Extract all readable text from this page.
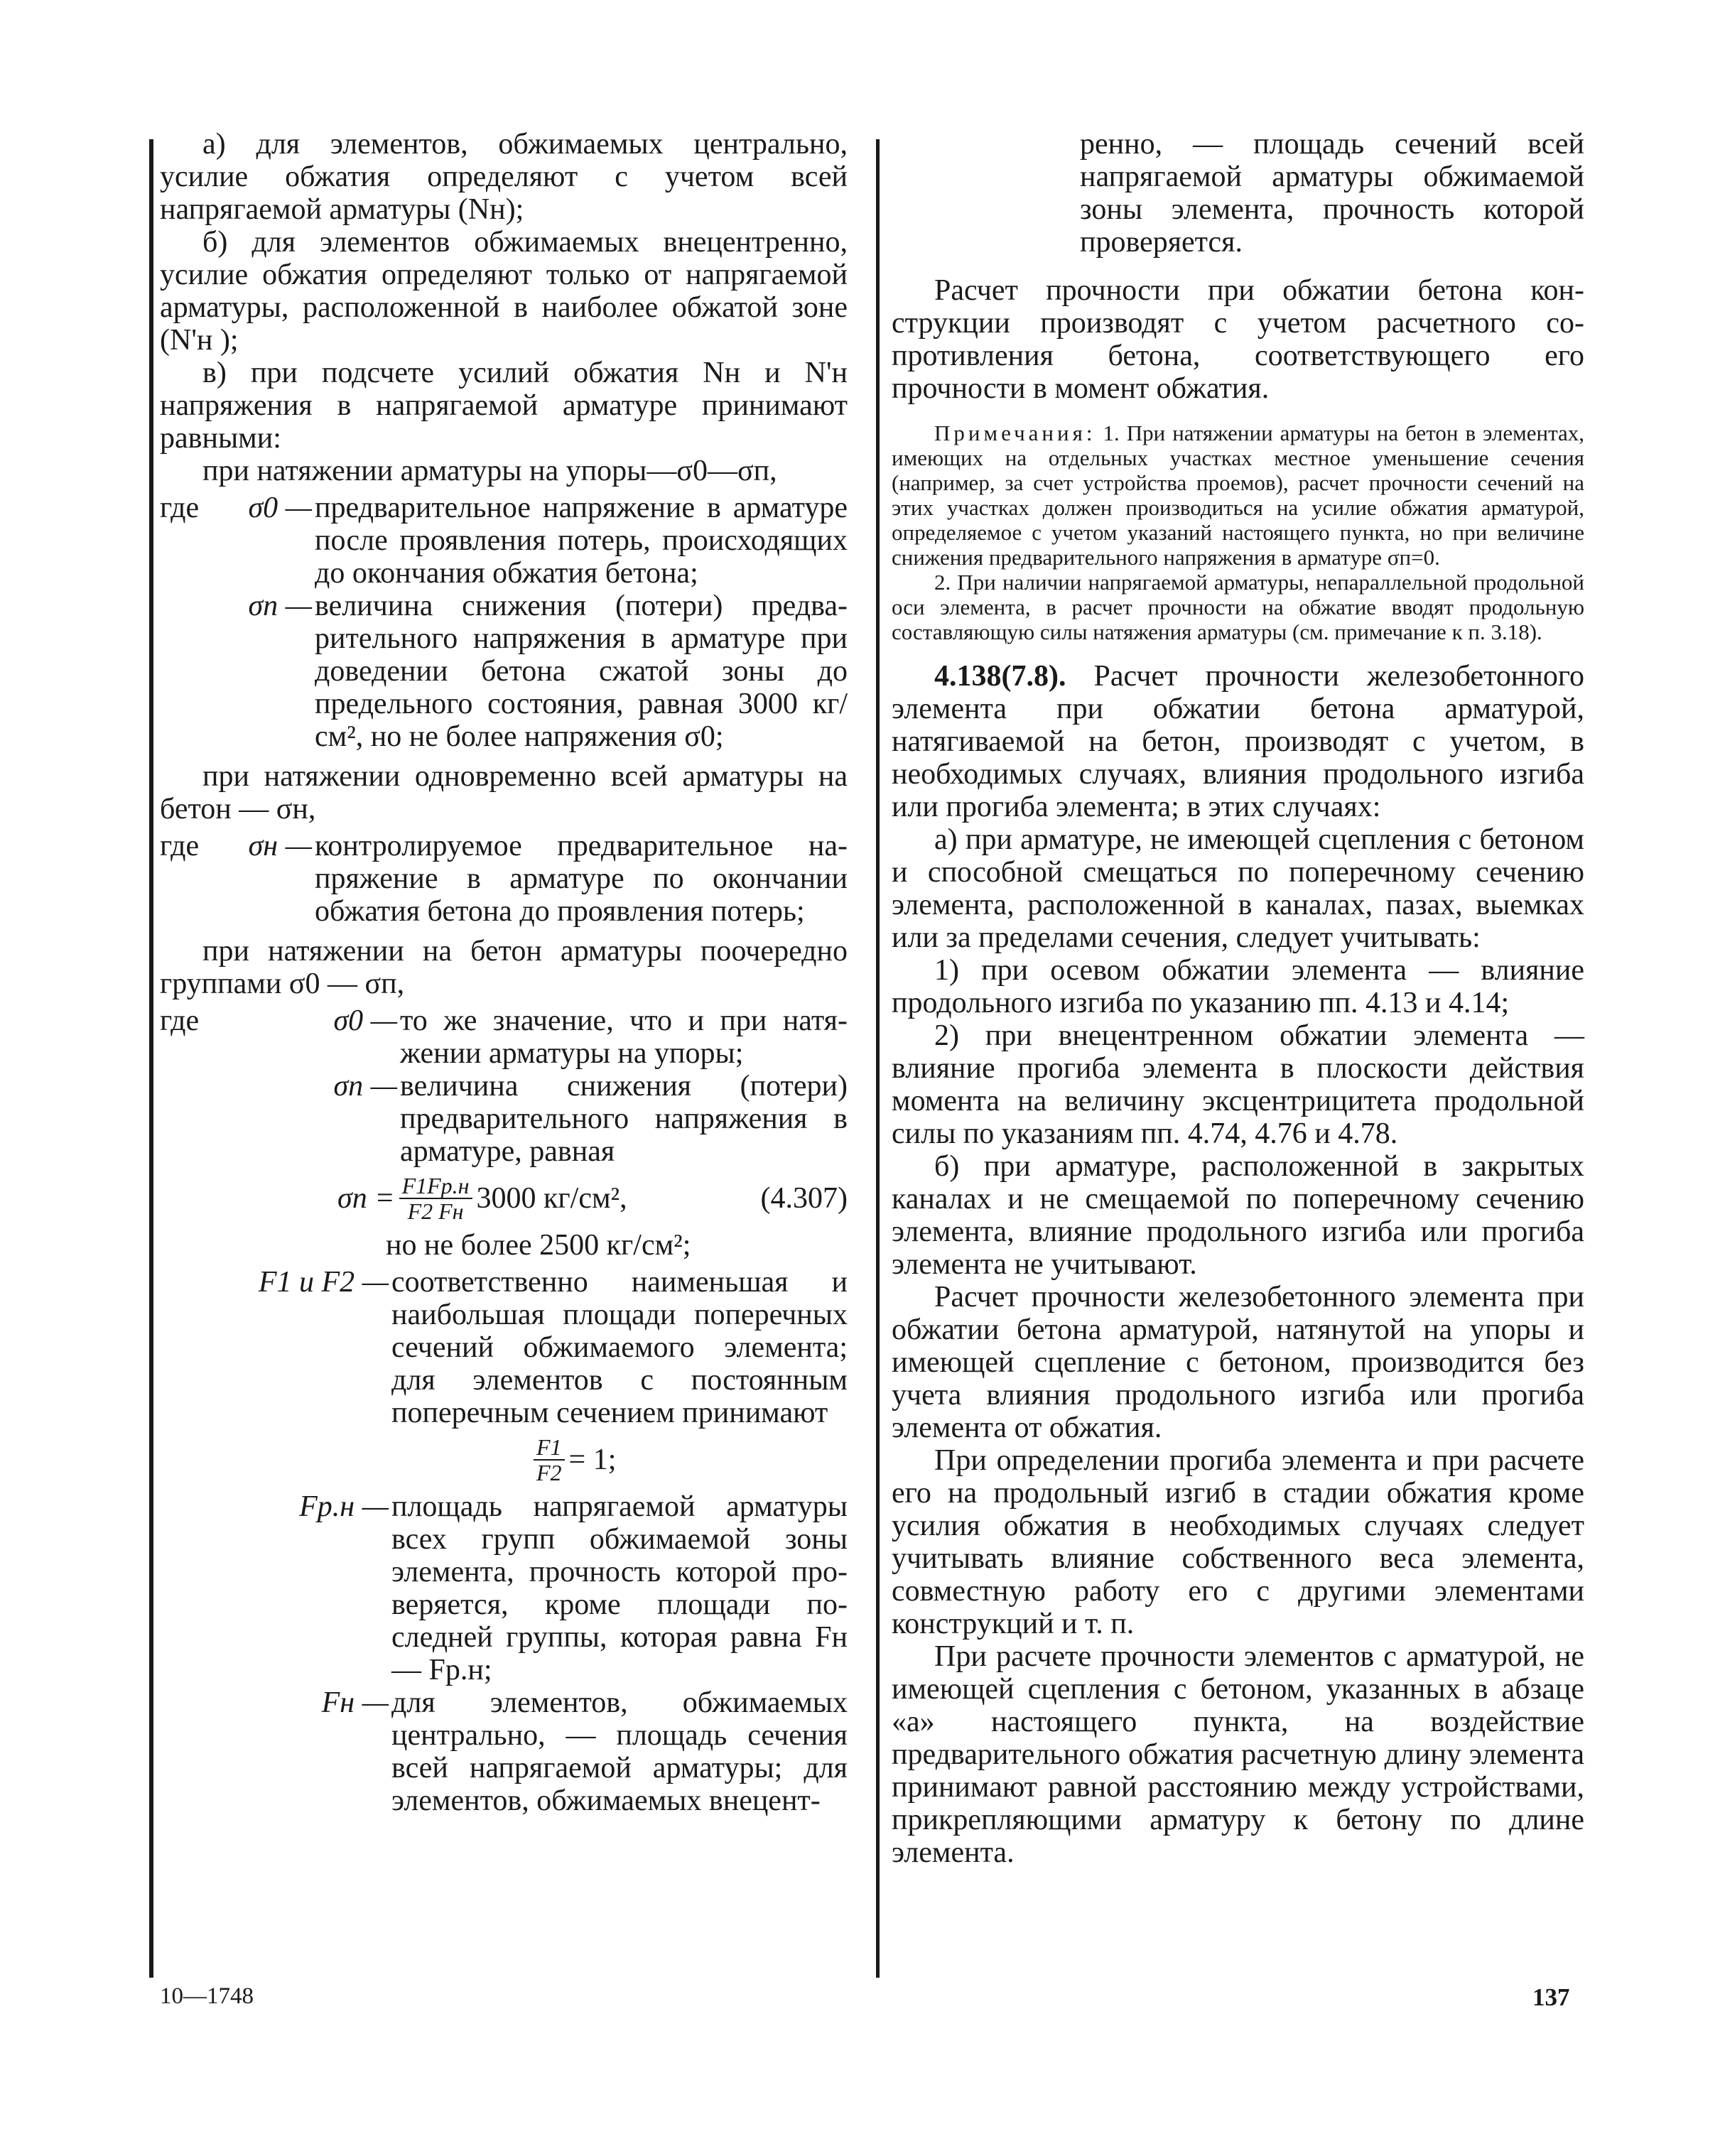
а) для элементов, обжимаемых центрально, усилие обжатия определяют с учетом всей напрягаемой арматуры (Nн);

б) для элементов обжимаемых внецентренно, усилие обжатия определяют только от напрягаемой арматуры, расположенной в наиболее обжатой зоне (N'н );

в) при подсчете усилий обжатия Nн и N'н напряжения в напрягаемой арматуре принимают равными:

при натяжении арматуры на упоры—σ0—σп,

где	σ0 — предварительное напряжение в арматуре после проявления потерь, происходящих до окончания обжатия бетона;
σп — величина снижения (потери) предварительного напряжения в арматуре при доведении бетона сжатой зоны до предельного состояния, равная 3000 кг/см², но не более напряжения σ0;

при натяжении одновременно всей арматуры на бетон — σн,

где	σн — контролируемое предварительное напряжение в арматуре по окончании обжатия бетона до проявления потерь;

при натяжении на бетон арматуры поочередно группами σ0 — σп,

где	σ0 — то же значение, что и при натяжении арматуры на упоры;
σп — величина снижения (потери) предварительного напряжения в арматуре, равная
$\sigma п = \frac{F1Fр.н}{F2 Fн} 3000$ кг/см²,	(4.307)

но не более 2500 кг/см²;

F1 и F2 — соответственно наименьшая и наибольшая площади поперечных сечений обжимаемого элемента; для элементов с постоянным поперечным сечением принимают
$\frac{F1}{F2} = 1$;
Fр.н — площадь напрягаемой арматуры всех групп обжимаемой зоны элемента, прочность которой проверяется, кроме площади последней группы, которая равна Fн — Fр.н;
Fн — для элементов, обжимаемых центрально, — площадь сечения всей напрягаемой арматуры; для элементов, обжимаемых внецент-

ренно, — площадь сечений всей напрягаемой арматуры обжимаемой зоны элемента, прочность которой проверяется.

Расчет прочности при обжатии бетона конструкции производят с учетом расчетного сопротивления бетона, соответствующего его прочности в момент обжатия.

Примечания: 1. При натяжении арматуры на бетон в элементах, имеющих на отдельных участках местное уменьшение сечения (например, за счет устройства проемов), расчет прочности сечений на этих участках должен производиться на усилие обжатия арматурой, определяемое с учетом указаний настоящего пункта, но при величине снижения предварительного напряжения в арматуре σп=0.

2. При наличии напрягаемой арматуры, непараллельной продольной оси элемента, в расчет прочности на обжатие вводят продольную составляющую силы натяжения арматуры (см. примечание к п. 3.18).

4.138(7.8). Расчет прочности железобетонного элемента при обжатии бетона арматурой, натягиваемой на бетон, производят с учетом, в необходимых случаях, влияния продольного изгиба или прогиба элемента; в этих случаях:

а) при арматуре, не имеющей сцепления с бетоном и способной смещаться по поперечному сечению элемента, расположенной в каналах, пазах, выемках или за пределами сечения, следует учитывать:

1) при осевом обжатии элемента — влияние продольного изгиба по указанию пп. 4.13 и 4.14;

2) при внецентренном обжатии элемента — влияние прогиба элемента в плоскости действия момента на величину эксцентрицитета продольной силы по указаниям пп. 4.74, 4.76 и 4.78.

б) при арматуре, расположенной в закрытых каналах и не смещаемой по поперечному сечению элемента, влияние продольного изгиба или прогиба элемента не учитывают.

Расчет прочности железобетонного элемента при обжатии бетона арматурой, натянутой на упоры и имеющей сцепление с бетоном, производится без учета влияния продольного изгиба или прогиба элемента от обжатия.

При определении прогиба элемента и при расчете его на продольный изгиб в стадии обжатия кроме усилия обжатия в необходимых случаях следует учитывать влияние собственного веса элемента, совместную работу его с другими элементами конструкций и т. п.

При расчете прочности элементов с арматурой, не имеющей сцепления с бетоном, указанных в абзаце «а» настоящего пункта, на воздействие предварительного обжатия расчетную длину элемента принимают равной расстоянию между устройствами, прикрепляющими арматуру к бетону по длине элемента.

10—1748	137
